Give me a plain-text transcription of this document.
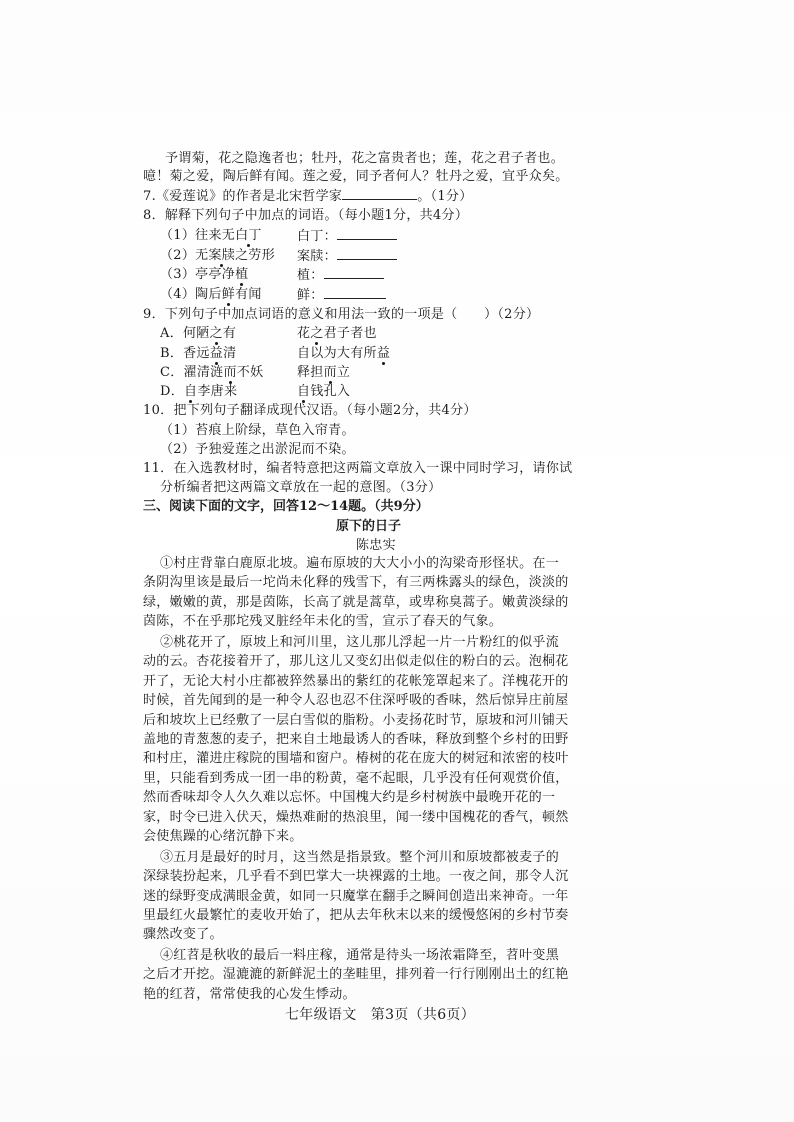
予谓菊，花之隐逸者也；牡丹，花之富贵者也；莲，花之君子者也。
噫！菊之爱，陶后鲜有闻。莲之爱，同予者何人？牡丹之爱，宜乎众矣。
7.《爱莲说》的作者是北宋哲学家	。（1分）
8．解释下列句子中加点的词语。（每小题1分，共4分）
（1）往来无白丁	白丁：
（2）无案牍之劳形 案牍：
（3）亭亭净植	植：
（4）陶后鲜有闻	鲜：
9．下列句子中加点词语的意义和用法一致的一项是（　　）（2分）
A．何陋之有	花之君子者也
B．香远益清	自以为大有所益
C．濯清涟而不妖	释担而立
D．自李唐来	自钱孔入
10．把下列句子翻译成现代汉语。（每小题2分，共4分）
（1）苔痕上阶绿，草色入帘青。
（2）予独爱莲之出淤泥而不染。
11．在入选教材时，编者特意把这两篇文章放入一课中同时学习，请你试
分析编者把这两篇文章放在一起的意图。（3分）
三、阅读下面的文字，回答12～14题。（共9分）
原下的日子
陈忠实
①村庄背靠白鹿原北坡。遍布原坡的大大小小的沟梁奇形怪状。在一
条阴沟里该是最后一坨尚未化释的残雪下，有三两株露头的绿色，淡淡的
绿，嫩嫩的黄，那是茵陈，长高了就是蒿草，或卑称臭蒿子。嫩黄淡绿的
茵陈，不在乎那坨残叉脏经年未化的雪，宣示了春天的气象。
②桃花开了，原坡上和河川里，这儿那儿浮起一片一片粉红的似乎流
动的云。杏花接着开了，那儿这儿又变幻出似走似住的粉白的云。泡桐花
开了，无论大村小庄都被猝然暴出的紫红的花帐笼罩起来了。洋槐花开的
时候，首先闻到的是一种令人忍也忍不住深呼吸的香味，然后惊异庄前屋
后和坡坎上已经敷了一层白雪似的脂粉。小麦扬花时节，原坡和河川铺天
盖地的青葱葱的麦子，把来自土地最诱人的香味，释放到整个乡村的田野
和村庄，灌进庄稼院的围墙和窗户。椿树的花在庞大的树冠和浓密的枝叶
里，只能看到秀成一团一串的粉黄，毫不起眼，几乎没有任何观赏价值，
然而香味却令人久久难以忘怀。中国槐大约是乡村树族中最晚开花的一
家，时令已进入伏天，燥热难耐的热浪里，闻一缕中国槐花的香气，顿然
会使焦躁的心绪沉静下来。
③五月是最好的时月，这当然是指景致。整个河川和原坡都被麦子的
深绿装扮起来，几乎看不到巴掌大一块裸露的土地。一夜之间，那令人沉
迷的绿野变成满眼金黄，如同一只魔掌在翻手之瞬间创造出来神奇。一年
里最红火最繁忙的麦收开始了，把从去年秋末以来的缓慢悠闲的乡村节奏
骤然改变了。
④红苕是秋收的最后一料庄稼，通常是待头一场浓霜降至，苕叶变黑
之后才开挖。湿漉漉的新鲜泥土的垄畦里，排列着一行行刚刚出土的红艳
艳的红苕，常常使我的心发生悸动。
七年级语文　第3页（共6页）
